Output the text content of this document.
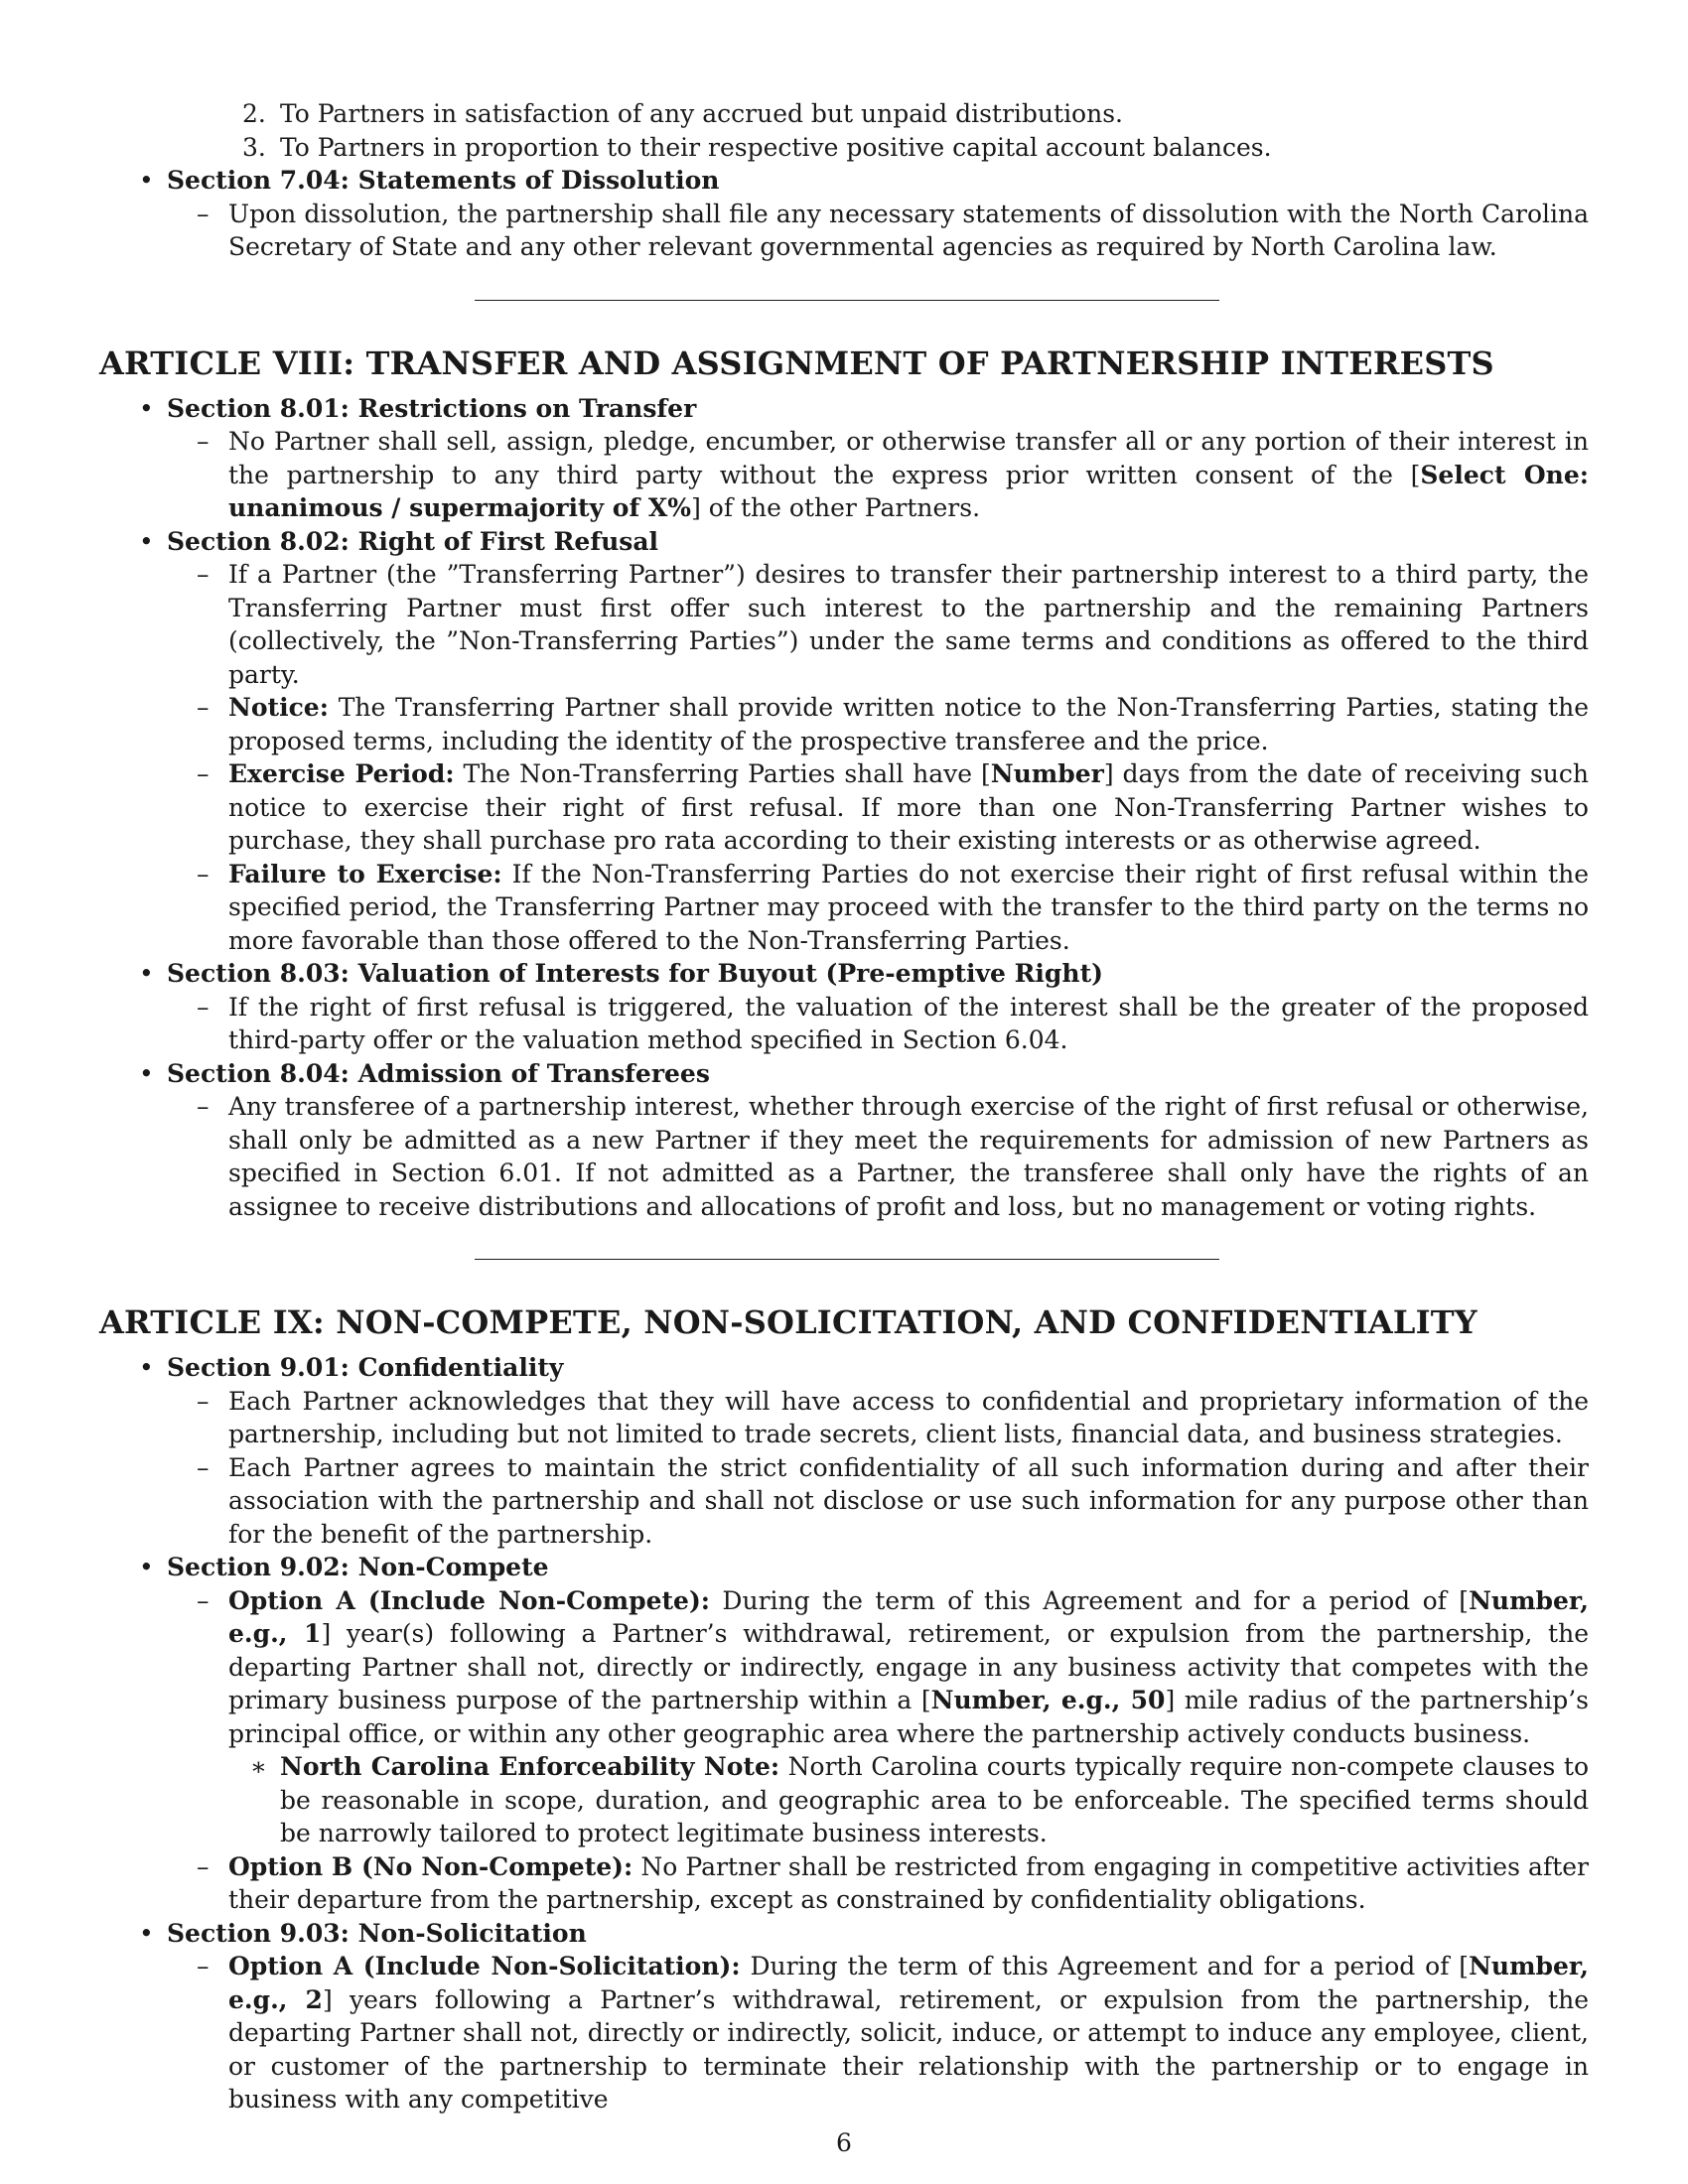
2. To Partners in satisfaction of any accrued but unpaid distributions.
3. To Partners in proportion to their respective positive capital account balances.
• Section 7.04: Statements of Dissolution
– Upon dissolution, the partnership shall file any necessary statements of dissolution with the North Carolina Secretary of State and any other relevant governmental agencies as required by North Carolina law.
ARTICLE VIII: TRANSFER AND ASSIGNMENT OF PARTNERSHIP INTERESTS
• Section 8.01: Restrictions on Transfer
– No Partner shall sell, assign, pledge, encumber, or otherwise transfer all or any portion of their interest in the partnership to any third party without the express prior written consent of the [Select One: unanimous / supermajority of X%] of the other Partners.
• Section 8.02: Right of First Refusal
– If a Partner (the ”Transferring Partner”) desires to transfer their partnership interest to a third party, the Transferring Partner must first offer such interest to the partnership and the remaining Partners (collectively, the ”Non-Transferring Parties”) under the same terms and conditions as offered to the third party.
– Notice: The Transferring Partner shall provide written notice to the Non-Transferring Parties, stating the proposed terms, including the identity of the prospective transferee and the price.
– Exercise Period: The Non-Transferring Parties shall have [Number] days from the date of receiving such notice to exercise their right of first refusal. If more than one Non-Transferring Partner wishes to purchase, they shall purchase pro rata according to their existing interests or as otherwise agreed.
– Failure to Exercise: If the Non-Transferring Parties do not exercise their right of first refusal within the specified period, the Transferring Partner may proceed with the transfer to the third party on the terms no more favorable than those offered to the Non-Transferring Parties.
• Section 8.03: Valuation of Interests for Buyout (Pre-emptive Right)
– If the right of first refusal is triggered, the valuation of the interest shall be the greater of the proposed third-party offer or the valuation method specified in Section 6.04.
• Section 8.04: Admission of Transferees
– Any transferee of a partnership interest, whether through exercise of the right of first refusal or otherwise, shall only be admitted as a new Partner if they meet the requirements for admission of new Partners as specified in Section 6.01. If not admitted as a Partner, the transferee shall only have the rights of an assignee to receive distributions and allocations of profit and loss, but no management or voting rights.
ARTICLE IX: NON-COMPETE, NON-SOLICITATION, AND CONFIDENTIALITY
• Section 9.01: Confidentiality
– Each Partner acknowledges that they will have access to confidential and proprietary information of the partnership, including but not limited to trade secrets, client lists, financial data, and business strategies.
– Each Partner agrees to maintain the strict confidentiality of all such information during and after their association with the partnership and shall not disclose or use such information for any purpose other than for the benefit of the partnership.
• Section 9.02: Non-Compete
– Option A (Include Non-Compete): During the term of this Agreement and for a period of [Number, e.g., 1] year(s) following a Partner’s withdrawal, retirement, or expulsion from the partnership, the departing Partner shall not, directly or indirectly, engage in any business activity that competes with the primary business purpose of the partnership within a [Number, e.g., 50] mile radius of the partnership’s principal office, or within any other geographic area where the partnership actively conducts business.
∗ North Carolina Enforceability Note: North Carolina courts typically require non-compete clauses to be reasonable in scope, duration, and geographic area to be enforceable. The specified terms should be narrowly tailored to protect legitimate business interests.
– Option B (No Non-Compete): No Partner shall be restricted from engaging in competitive activities after their departure from the partnership, except as constrained by confidentiality obligations.
• Section 9.03: Non-Solicitation
– Option A (Include Non-Solicitation): During the term of this Agreement and for a period of [Number, e.g., 2] years following a Partner’s withdrawal, retirement, or expulsion from the partnership, the departing Partner shall not, directly or indirectly, solicit, induce, or attempt to induce any employee, client, or customer of the partnership to terminate their relationship with the partnership or to engage in business with any competitive
6
